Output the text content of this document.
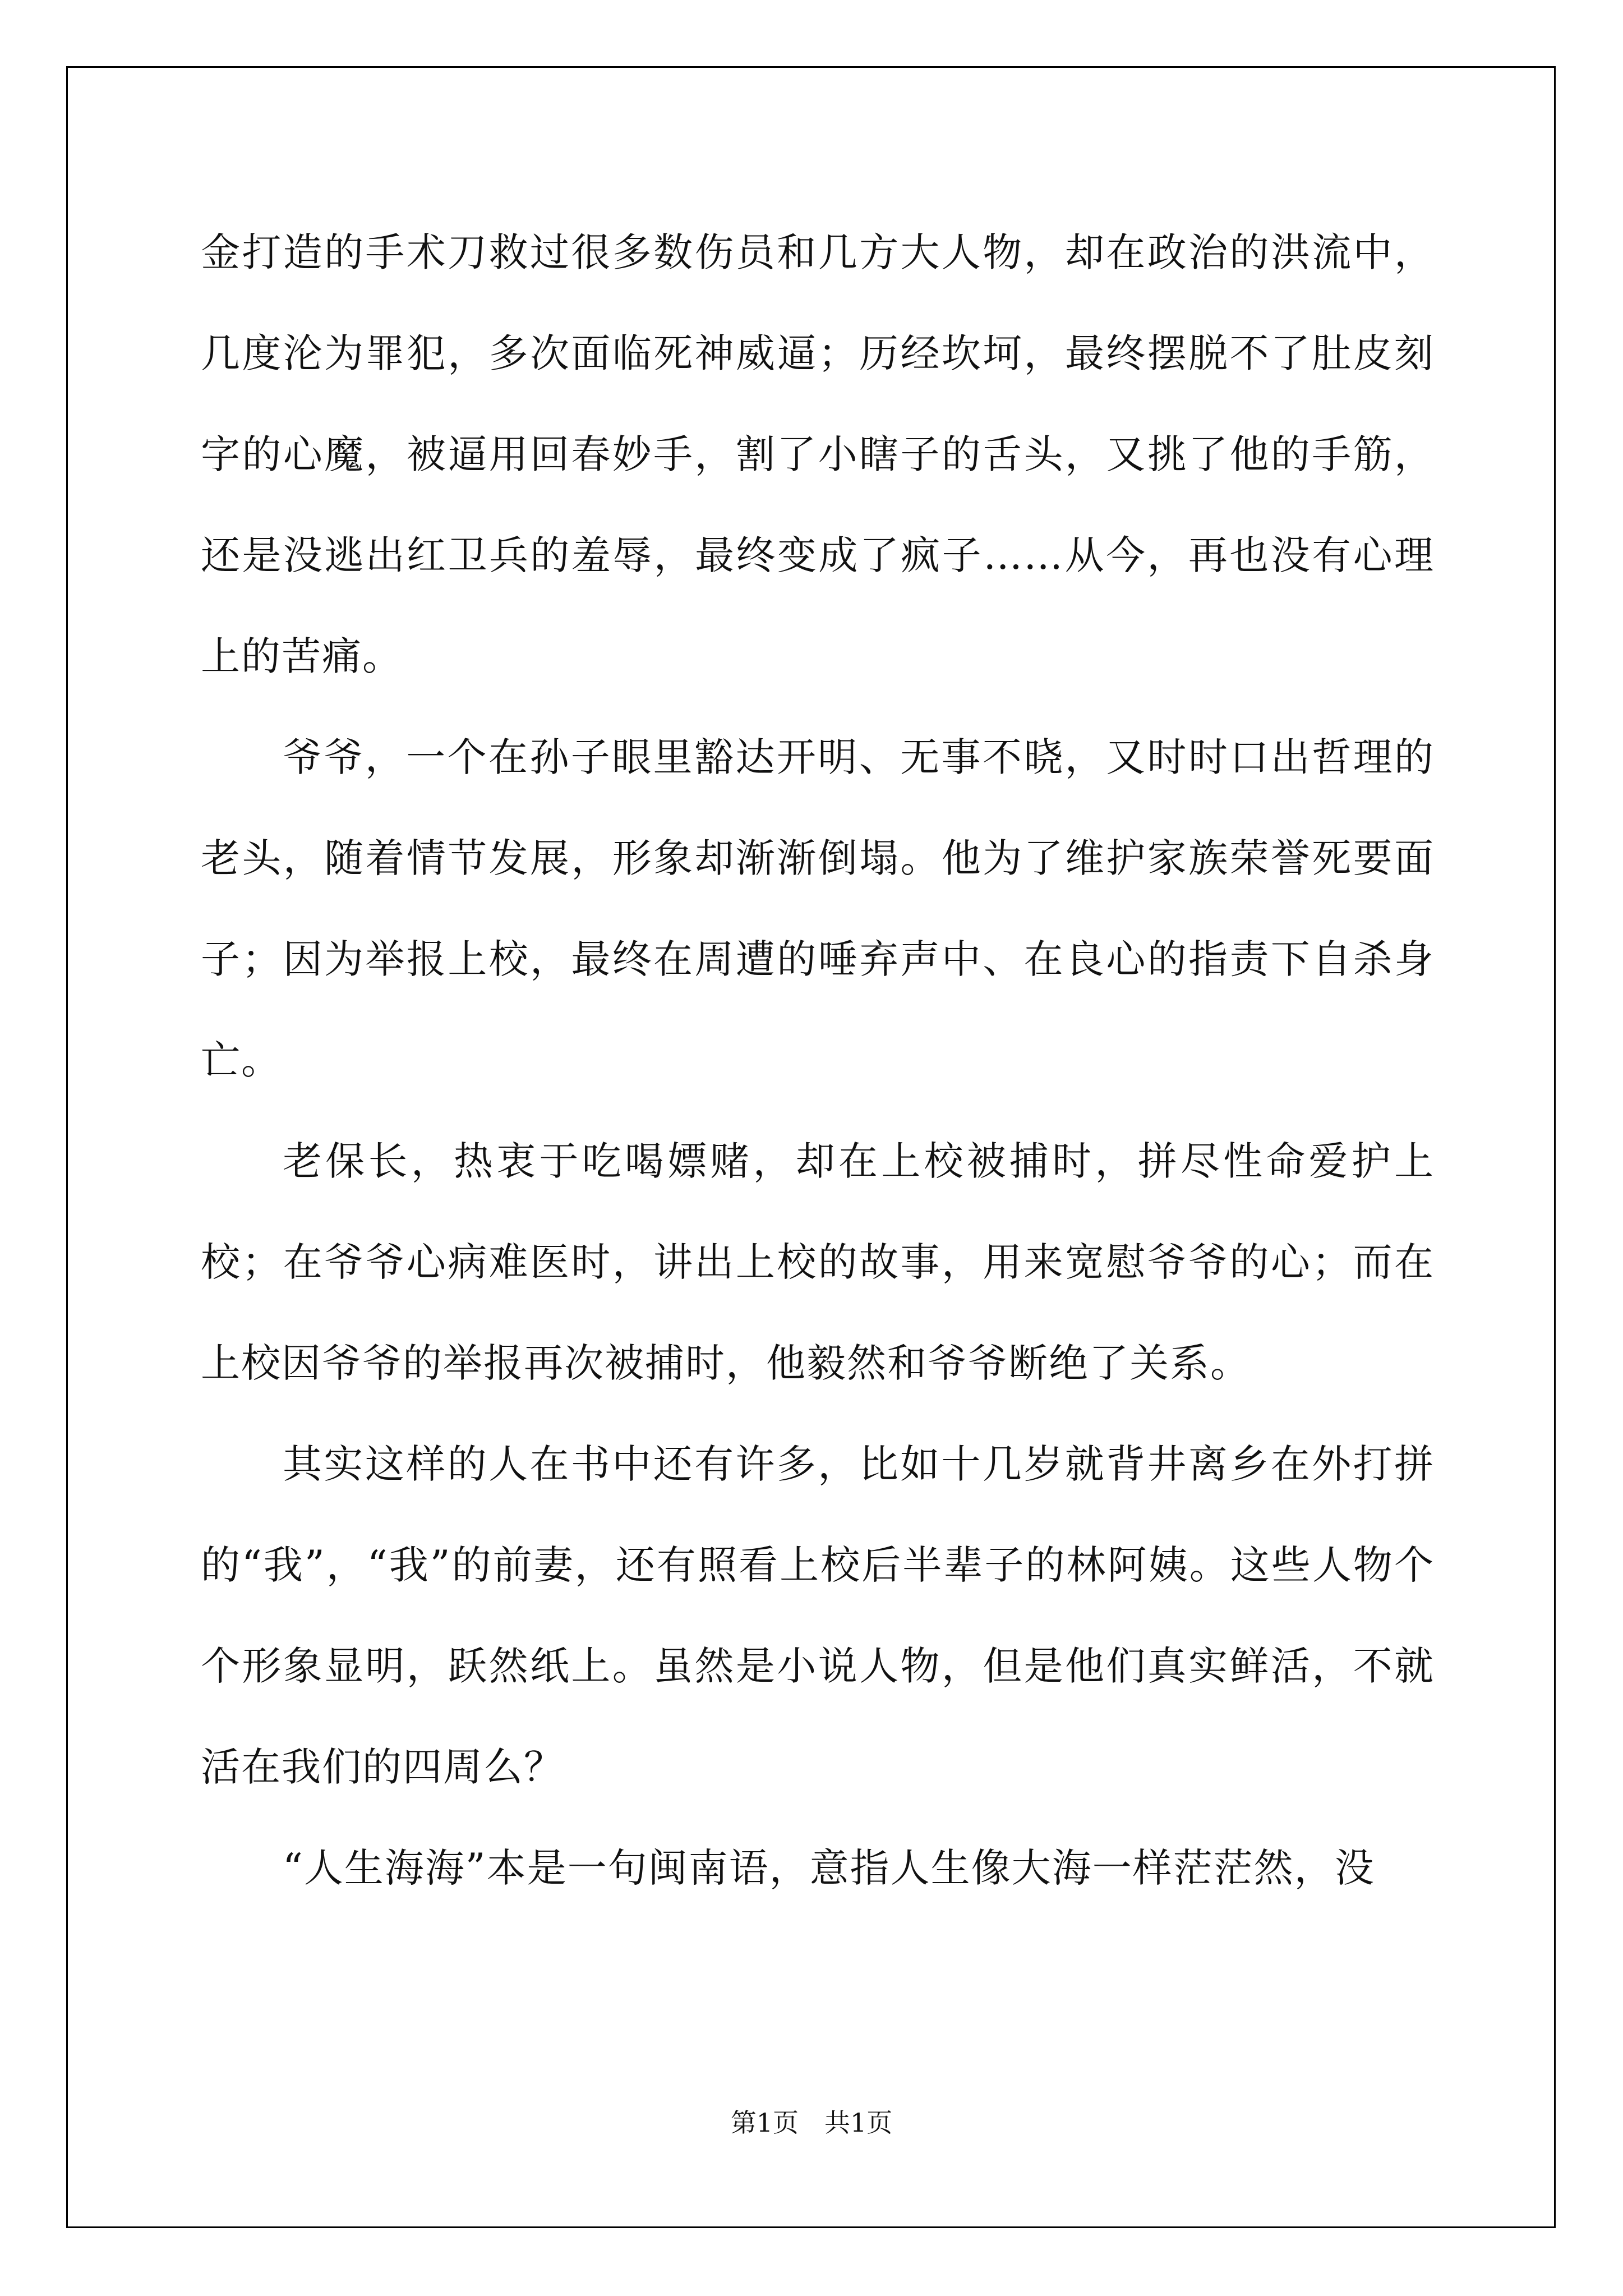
金打造的手术刀救过很多数伤员和几方大人物，却在政治的洪流中，几度沦为罪犯，多次面临死神威逼；历经坎坷，最终摆脱不了肚皮刻字的心魔，被逼用回春妙手，割了小瞎子的舌头，又挑了他的手筋，还是没逃出红卫兵的羞辱，最终变成了疯子……从今，再也没有心理上的苦痛。

爷爷，一个在孙子眼里豁达开明、无事不晓，又时时口出哲理的老头，随着情节发展，形象却渐渐倒塌。他为了维护家族荣誉死要面子；因为举报上校，最终在周遭的唾弃声中、在良心的指责下自杀身亡。

老保长，热衷于吃喝嫖赌，却在上校被捕时，拼尽性命爱护上校；在爷爷心病难医时，讲出上校的故事，用来宽慰爷爷的心；而在上校因爷爷的举报再次被捕时，他毅然和爷爷断绝了关系。

其实这样的人在书中还有许多，比如十几岁就背井离乡在外打拼的“我”，“我”的前妻，还有照看上校后半辈子的林阿姨。这些人物个个形象显明，跃然纸上。虽然是小说人物，但是他们真实鲜活，不就活在我们的四周么？

“人生海海”本是一句闽南语，意指人生像大海一样茫茫然，没

第1页　共1页
